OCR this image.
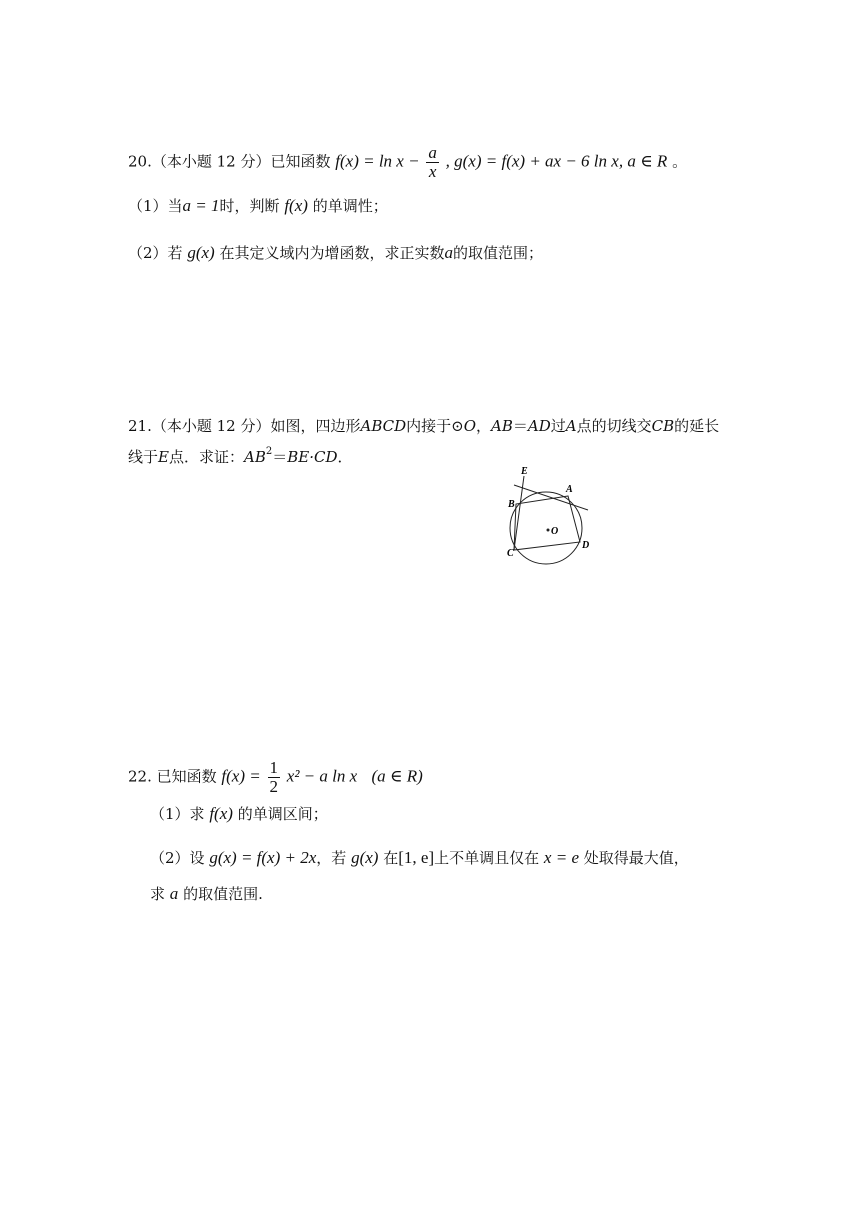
20.（本小题 12 分）已知函数 $f(x) = \ln x - \frac{a}{x}$ , g(x) = f(x) + ax − 6 ln x, a ∈ R 。
（1）当a = 1时，判断 f(x) 的单调性；
（2）若 g(x) 在其定义域内为增函数，求正实数a的取值范围；
21.（本小题 12 分）如图，四边形ABCD内接于⊙O，AB＝AD过A点的切线交CB的延长
线于E点．求证：$AB^2=BE\cdot CD$．
E
B
A
O
C
D
22. 已知函数 $f(x) = \frac{1}{2} x^2 - a$ ln x (a ∈ R)
（1）求 f(x) 的单调区间；
（2）设 g(x) = f(x) + 2x，若 g(x) 在[1, e]上不单调且仅在 x = e 处取得最大值，
求 a 的取值范围.
